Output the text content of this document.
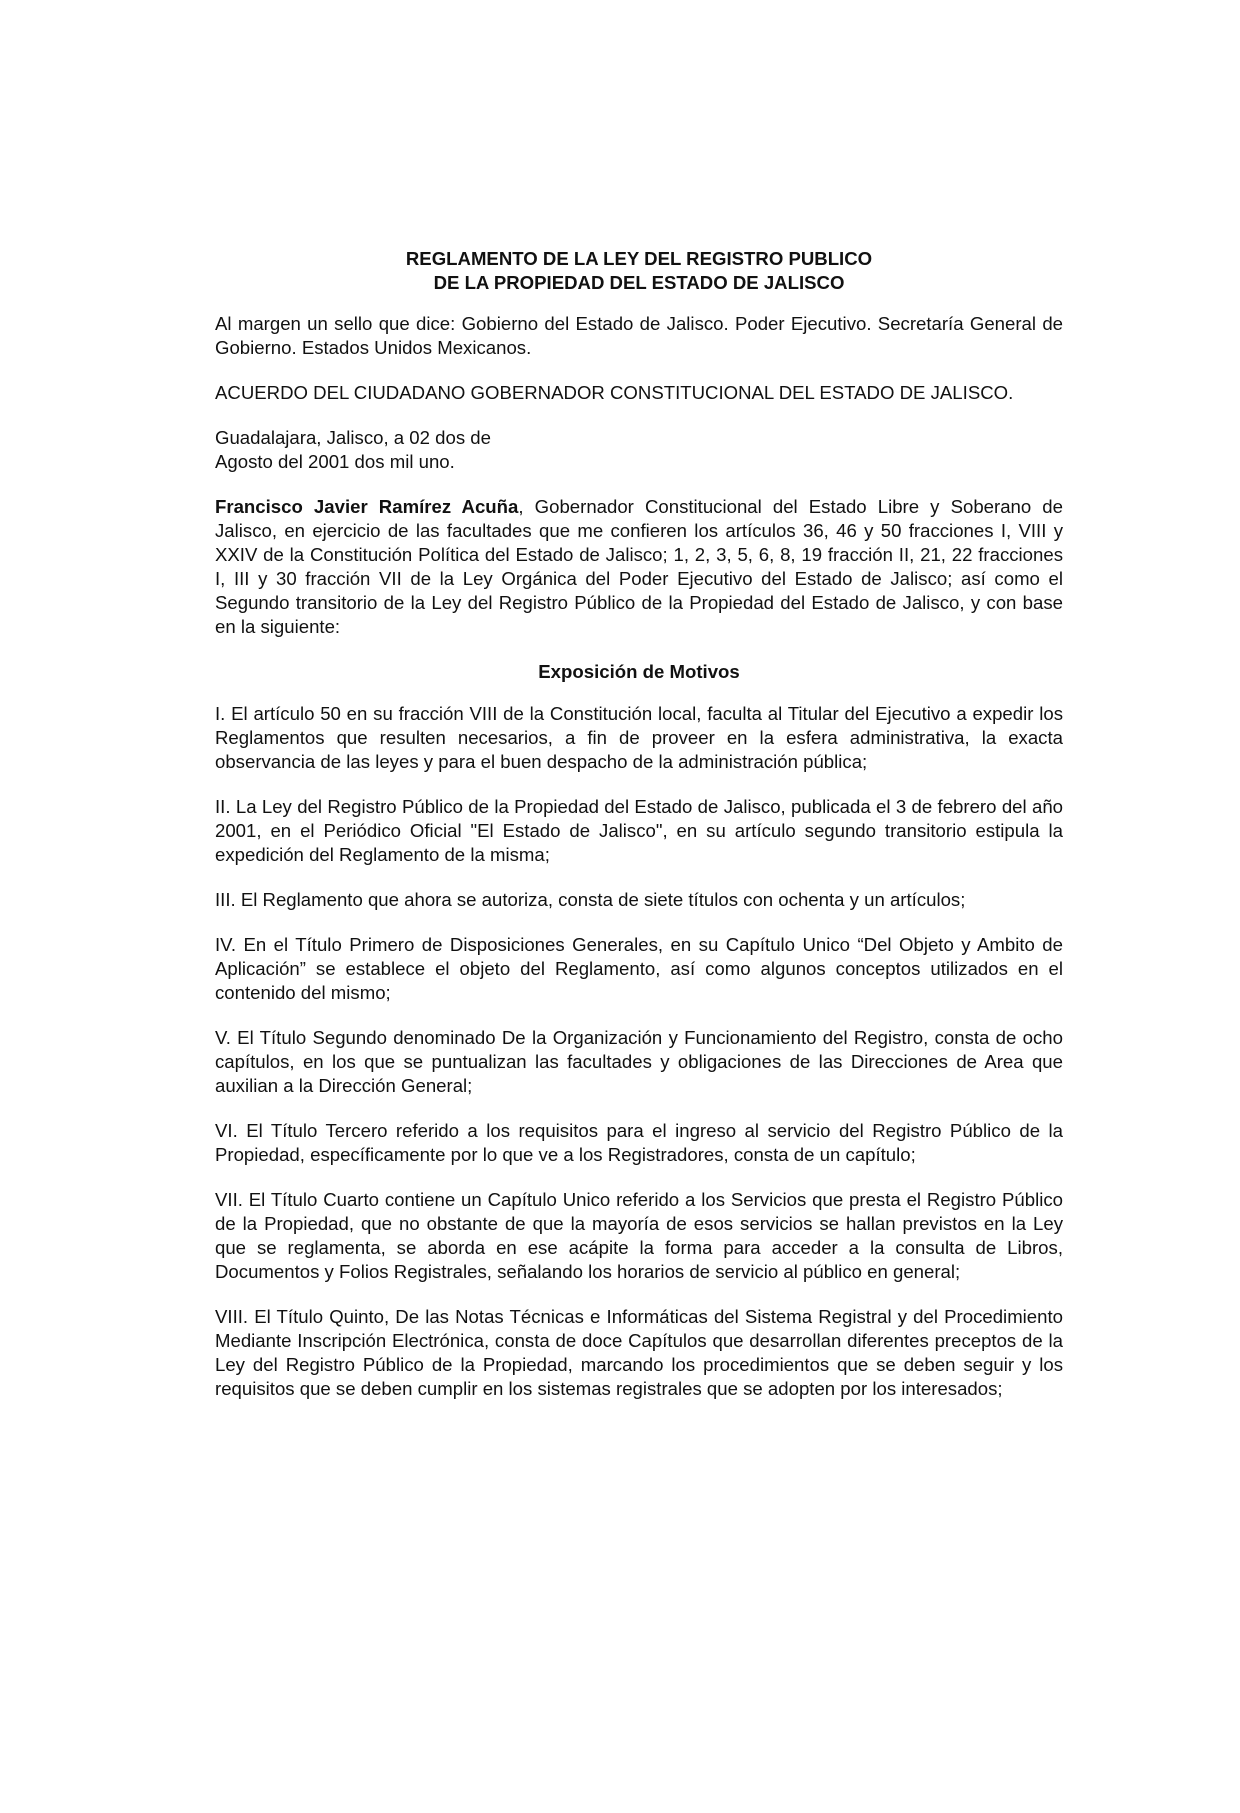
REGLAMENTO DE LA LEY DEL REGISTRO PUBLICO
DE LA PROPIEDAD DEL ESTADO DE JALISCO

Al margen un sello que dice: Gobierno del Estado de Jalisco. Poder Ejecutivo. Secretaría General de Gobierno. Estados Unidos Mexicanos.

ACUERDO DEL CIUDADANO GOBERNADOR CONSTITUCIONAL DEL ESTADO DE JALISCO.

Guadalajara, Jalisco, a 02 dos de
Agosto del 2001 dos mil uno.

Francisco Javier Ramírez Acuña, Gobernador Constitucional del Estado Libre y Soberano de Jalisco, en ejercicio de las facultades que me confieren los artículos 36, 46 y 50 fracciones I, VIII y XXIV de la Constitución Política del Estado de Jalisco; 1, 2, 3, 5, 6, 8, 19 fracción II, 21, 22 fracciones I, III y 30 fracción VII de la Ley Orgánica del Poder Ejecutivo del Estado de Jalisco; así como el Segundo transitorio de la Ley del Registro Público de la Propiedad del Estado de Jalisco, y con base en la siguiente:

Exposición de Motivos

I. El artículo 50 en su fracción VIII de la Constitución local, faculta al Titular del Ejecutivo a expedir los Reglamentos que resulten necesarios, a fin de proveer en la esfera administrativa, la exacta observancia de las leyes y para el buen despacho de la administración pública;

II. La Ley del Registro Público de la Propiedad del Estado de Jalisco, publicada el 3 de febrero del año 2001, en el Periódico Oficial "El Estado de Jalisco", en su artículo segundo transitorio estipula la expedición del Reglamento de la misma;

III. El Reglamento que ahora se autoriza, consta de siete títulos con ochenta y un artículos;

IV. En el Título Primero de Disposiciones Generales, en su Capítulo Unico “Del Objeto y Ambito de Aplicación” se establece el objeto del Reglamento, así como algunos conceptos utilizados en el contenido del mismo;

V. El Título Segundo denominado De la Organización y Funcionamiento del Registro, consta de ocho capítulos, en los que se puntualizan las facultades y obligaciones de las Direcciones de Area que auxilian a la Dirección General;

VI. El Título Tercero referido a los requisitos para el ingreso al servicio del Registro Público de la Propiedad, específicamente por lo que ve a los Registradores, consta de un capítulo;

VII. El Título Cuarto contiene un Capítulo Unico referido a los Servicios que presta el Registro Público de la Propiedad, que no obstante de que la mayoría de esos servicios se hallan previstos en la Ley que se reglamenta, se aborda en ese acápite la forma para acceder a la consulta de Libros, Documentos y Folios Registrales, señalando los horarios de servicio al público en general;

VIII. El Título Quinto, De las Notas Técnicas e Informáticas del Sistema Registral y del Procedimiento Mediante Inscripción Electrónica, consta de doce Capítulos que desarrollan diferentes preceptos de la Ley del Registro Público de la Propiedad, marcando los procedimientos que se deben seguir y los requisitos que se deben cumplir en los sistemas registrales que se adopten por los interesados;
